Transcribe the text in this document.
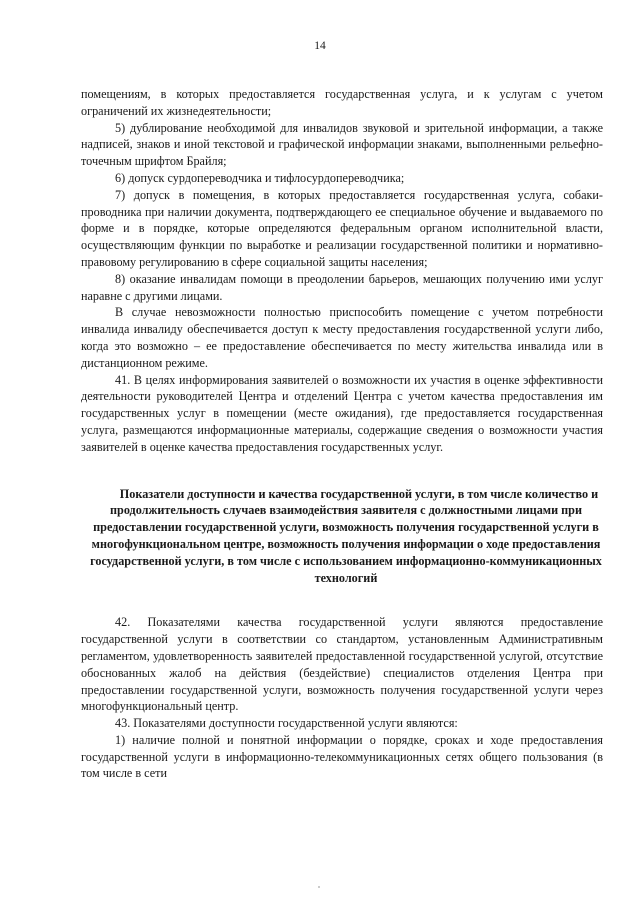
14

помещениям, в которых предоставляется государственная услуга, и к услугам с учетом ограничений их жизнедеятельности;

5) дублирование необходимой для инвалидов звуковой и зрительной информации, а также надписей, знаков и иной текстовой и графической информации знаками, выполненными рельефно-точечным шрифтом Брайля;

6) допуск сурдопереводчика и тифлосурдопереводчика;

7) допуск в помещения, в которых предоставляется государственная услуга, собаки-проводника при наличии документа, подтверждающего ее специальное обучение и выдаваемого по форме и в порядке, которые определяются федеральным органом исполнительной власти, осуществляющим функции по выработке и реализации государственной политики и нормативно-правовому регулированию в сфере социальной защиты населения;

8) оказание инвалидам помощи в преодолении барьеров, мешающих получению ими услуг наравне с другими лицами.

В случае невозможности полностью приспособить помещение с учетом потребности инвалида инвалиду обеспечивается доступ к месту предоставления государственной услуги либо, когда это возможно – ее предоставление обеспечивается по месту жительства инвалида или в дистанционном режиме.

41. В целях информирования заявителей о возможности их участия в оценке эффективности деятельности руководителей Центра и отделений Центра с учетом качества предоставления им государственных услуг в помещении (месте ожидания), где предоставляется государственная услуга, размещаются информационные материалы, содержащие сведения о возможности участия заявителей в оценке качества предоставления государственных услуг.

Показатели доступности и качества государственной услуги, в том числе количество и продолжительность случаев взаимодействия заявителя с должностными лицами при предоставлении государственной услуги, возможность получения государственной услуги в многофункциональном центре, возможность получения информации о ходе предоставления государственной услуги, в том числе с использованием информационно-коммуникационных технологий

42. Показателями качества государственной услуги являются предоставление государственной услуги в соответствии со стандартом, установленным Административным регламентом, удовлетворенность заявителей предоставленной государственной услугой, отсутствие обоснованных жалоб на действия (бездействие) специалистов отделения Центра при предоставлении государственной услуги, возможность получения государственной услуги через многофункциональный центр.

43. Показателями доступности государственной услуги являются:

1) наличие полной и понятной информации о порядке, сроках и ходе предоставления государственной услуги в информационно-телекоммуникационных сетях общего пользования (в том числе в сети
